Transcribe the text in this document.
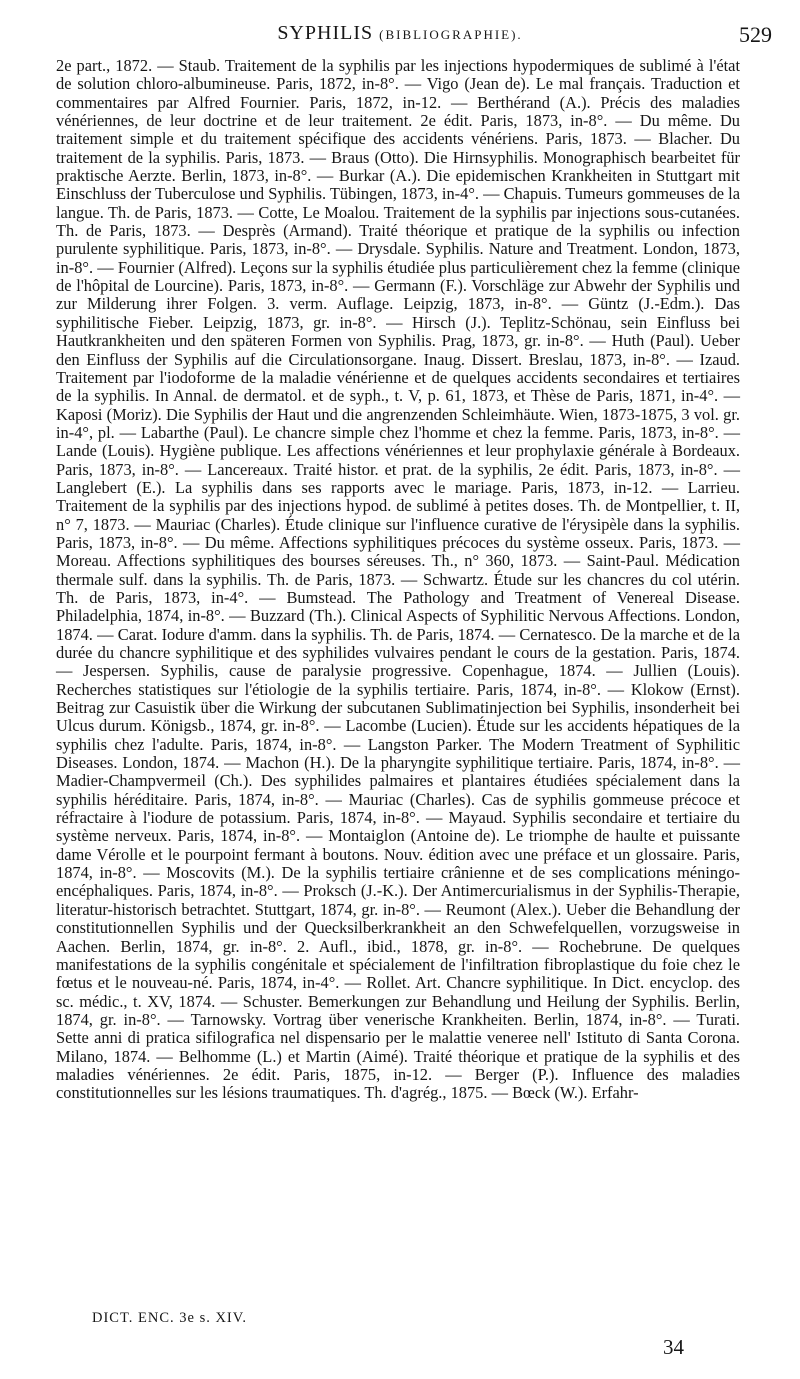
SYPHILIS (BIBLIOGRAPHIE).	529
2e part., 1872. — Staub. Traitement de la syphilis par les injections hypodermiques de sublimé à l'état de solution chloro-albumineuse. Paris, 1872, in-8°. — Vigo (Jean de). Le mal français. Traduction et commentaires par Alfred Fournier. Paris, 1872, in-12. — Berthérand (A.). Précis des maladies vénériennes, de leur doctrine et de leur traitement. 2e édit. Paris, 1873, in-8°. — Du même. Du traitement simple et du traitement spécifique des accidents vénériens. Paris, 1873. — Blacher. Du traitement de la syphilis. Paris, 1873. — Braus (Otto). Die Hirnsyphilis. Monographisch bearbeitet für praktische Aerzte. Berlin, 1873, in-8°. — Burkar (A.). Die epidemischen Krankheiten in Stuttgart mit Einschluss der Tuberculose und Syphilis. Tübingen, 1873, in-4°. — Chapuis. Tumeurs gommeuses de la langue. Th. de Paris, 1873. — Cotte, Le Moalou. Traitement de la syphilis par injections sous-cutanées. Th. de Paris, 1873. — Desprès (Armand). Traité théorique et pratique de la syphilis ou infection purulente syphilitique. Paris, 1873, in-8°. — Drysdale. Syphilis. Nature and Treatment. London, 1873, in-8°. — Fournier (Alfred). Leçons sur la syphilis étudiée plus particulièrement chez la femme (clinique de l'hôpital de Lourcine). Paris, 1873, in-8°. — Germann (F.). Vorschläge zur Abwehr der Syphilis und zur Milderung ihrer Folgen. 3. verm. Auflage. Leipzig, 1873, in-8°. — Güntz (J.-Edm.). Das syphilitische Fieber. Leipzig, 1873, gr. in-8°. — Hirsch (J.). Teplitz-Schönau, sein Einfluss bei Hautkrankheiten und den späteren Formen von Syphilis. Prag, 1873, gr. in-8°. — Huth (Paul). Ueber den Einfluss der Syphilis auf die Circulationsorgane. Inaug. Dissert. Breslau, 1873, in-8°. — Izaud. Traitement par l'iodoforme de la maladie vénérienne et de quelques accidents secondaires et tertiaires de la syphilis. In Annal. de dermatol. et de syph., t. V, p. 61, 1873, et Thèse de Paris, 1871, in-4°. — Kaposi (Moriz). Die Syphilis der Haut und die angrenzenden Schleimhäute. Wien, 1873-1875, 3 vol. gr. in-4°, pl. — Labarthe (Paul). Le chancre simple chez l'homme et chez la femme. Paris, 1873, in-8°. — Lande (Louis). Hygiène publique. Les affections vénériennes et leur prophylaxie générale à Bordeaux. Paris, 1873, in-8°. — Lancereaux. Traité histor. et prat. de la syphilis, 2e édit. Paris, 1873, in-8°. — Langlebert (E.). La syphilis dans ses rapports avec le mariage. Paris, 1873, in-12. — Larrieu. Traitement de la syphilis par des injections hypod. de sublimé à petites doses. Th. de Montpellier, t. II, n° 7, 1873. — Mauriac (Charles). Étude clinique sur l'influence curative de l'érysipèle dans la syphilis. Paris, 1873, in-8°. — Du même. Affections syphilitiques précoces du système osseux. Paris, 1873. — Moreau. Affections syphilitiques des bourses séreuses. Th., n° 360, 1873. — Saint-Paul. Médication thermale sulf. dans la syphilis. Th. de Paris, 1873. — Schwartz. Étude sur les chancres du col utérin. Th. de Paris, 1873, in-4°. — Bumstead. The Pathology and Treatment of Venereal Disease. Philadelphia, 1874, in-8°. — Buzzard (Th.). Clinical Aspects of Syphilitic Nervous Affections. London, 1874. — Carat. Iodure d'amm. dans la syphilis. Th. de Paris, 1874. — Cernatesco. De la marche et de la durée du chancre syphilitique et des syphilides vulvaires pendant le cours de la gestation. Paris, 1874. — Jespersen. Syphilis, cause de paralysie progressive. Copenhague, 1874. — Jullien (Louis). Recherches statistiques sur l'étiologie de la syphilis tertiaire. Paris, 1874, in-8°. — Klokow (Ernst). Beitrag zur Casuistik über die Wirkung der subcutanen Sublimatinjection bei Syphilis, insonderheit bei Ulcus durum. Königsb., 1874, gr. in-8°. — Lacombe (Lucien). Étude sur les accidents hépatiques de la syphilis chez l'adulte. Paris, 1874, in-8°. — Langston Parker. The Modern Treatment of Syphilitic Diseases. London, 1874. — Machon (H.). De la pharyngite syphilitique tertiaire. Paris, 1874, in-8°. — Madier-Champvermeil (Ch.). Des syphilides palmaires et plantaires étudiées spécialement dans la syphilis héréditaire. Paris, 1874, in-8°. — Mauriac (Charles). Cas de syphilis gommeuse précoce et réfractaire à l'iodure de potassium. Paris, 1874, in-8°. — Mayaud. Syphilis secondaire et tertiaire du système nerveux. Paris, 1874, in-8°. — Montaiglon (Antoine de). Le triomphe de haulte et puissante dame Vérolle et le pourpoint fermant à boutons. Nouv. édition avec une préface et un glossaire. Paris, 1874, in-8°. — Moscovits (M.). De la syphilis tertiaire crânienne et de ses complications méningo-encéphaliques. Paris, 1874, in-8°. — Proksch (J.-K.). Der Antimercurialismus in der Syphilis-Therapie, literatur-historisch betrachtet. Stuttgart, 1874, gr. in-8°. — Reumont (Alex.). Ueber die Behandlung der constitutionnellen Syphilis und der Quecksilberkrankheit an den Schwefelquellen, vorzugsweise in Aachen. Berlin, 1874, gr. in-8°. 2. Aufl., ibid., 1878, gr. in-8°. — Rochebrune. De quelques manifestations de la syphilis congénitale et spécialement de l'infiltration fibroplastique du foie chez le fœtus et le nouveau-né. Paris, 1874, in-4°. — Rollet. Art. Chancre syphilitique. In Dict. encyclop. des sc. médic., t. XV, 1874. — Schuster. Bemerkungen zur Behandlung und Heilung der Syphilis. Berlin, 1874, gr. in-8°. — Tarnowsky. Vortrag über venerische Krankheiten. Berlin, 1874, in-8°. — Turati. Sette anni di pratica sifilografica nel dispensario per le malattie veneree nell' Istituto di Santa Corona. Milano, 1874. — Belhomme (L.) et Martin (Aimé). Traité théorique et pratique de la syphilis et des maladies vénériennes. 2e édit. Paris, 1875, in-12. — Berger (P.). Influence des maladies constitutionnelles sur les lésions traumatiques. Th. d'agrég., 1875. — Bœck (W.). Erfahr-
DICT. ENC. 3e s. XIV.
34
